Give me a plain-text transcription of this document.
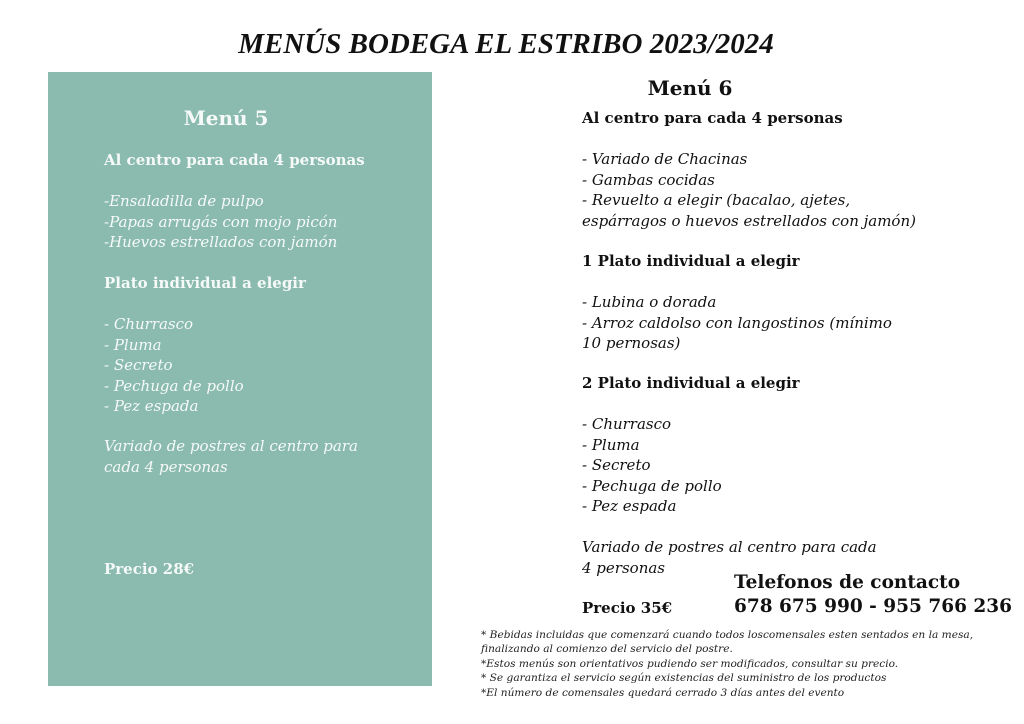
MENÚS BODEGA EL ESTRIBO 2023/2024
Menú 5
Al centro para cada 4 personas
-Ensaladilla de pulpo
-Papas arrugás con mojo picón
-Huevos estrellados con jamón
Plato individual a elegir
- Churrasco
- Pluma
- Secreto
- Pechuga de pollo
- Pez espada
Variado de postres al centro para
cada 4 personas
Precio 28€
Menú 6
Al centro para cada 4 personas
- Variado de Chacinas
- Gambas cocidas
- Revuelto a elegir (bacalao, ajetes,
espárragos o huevos estrellados con jamón)
1 Plato individual a elegir
- Lubina o dorada
- Arroz caldolso con langostinos (mínimo
10 pernosas)
2 Plato individual a elegir
- Churrasco
- Pluma
- Secreto
- Pechuga de pollo
- Pez espada
Variado de postres al centro para cada
4 personas
Precio 35€
Telefonos de contacto
678 675 990 - 955 766 236
* Bebidas incluidas que comenzará cuando todos loscomensales esten sentados en la mesa,
finalizando al comienzo del servicio del postre.
*Estos menús son orientativos pudiendo ser modificados, consultar su precio.
* Se garantiza el servicio según existencias del suministro de los productos
*El número de comensales quedará cerrado 3 días antes del evento
